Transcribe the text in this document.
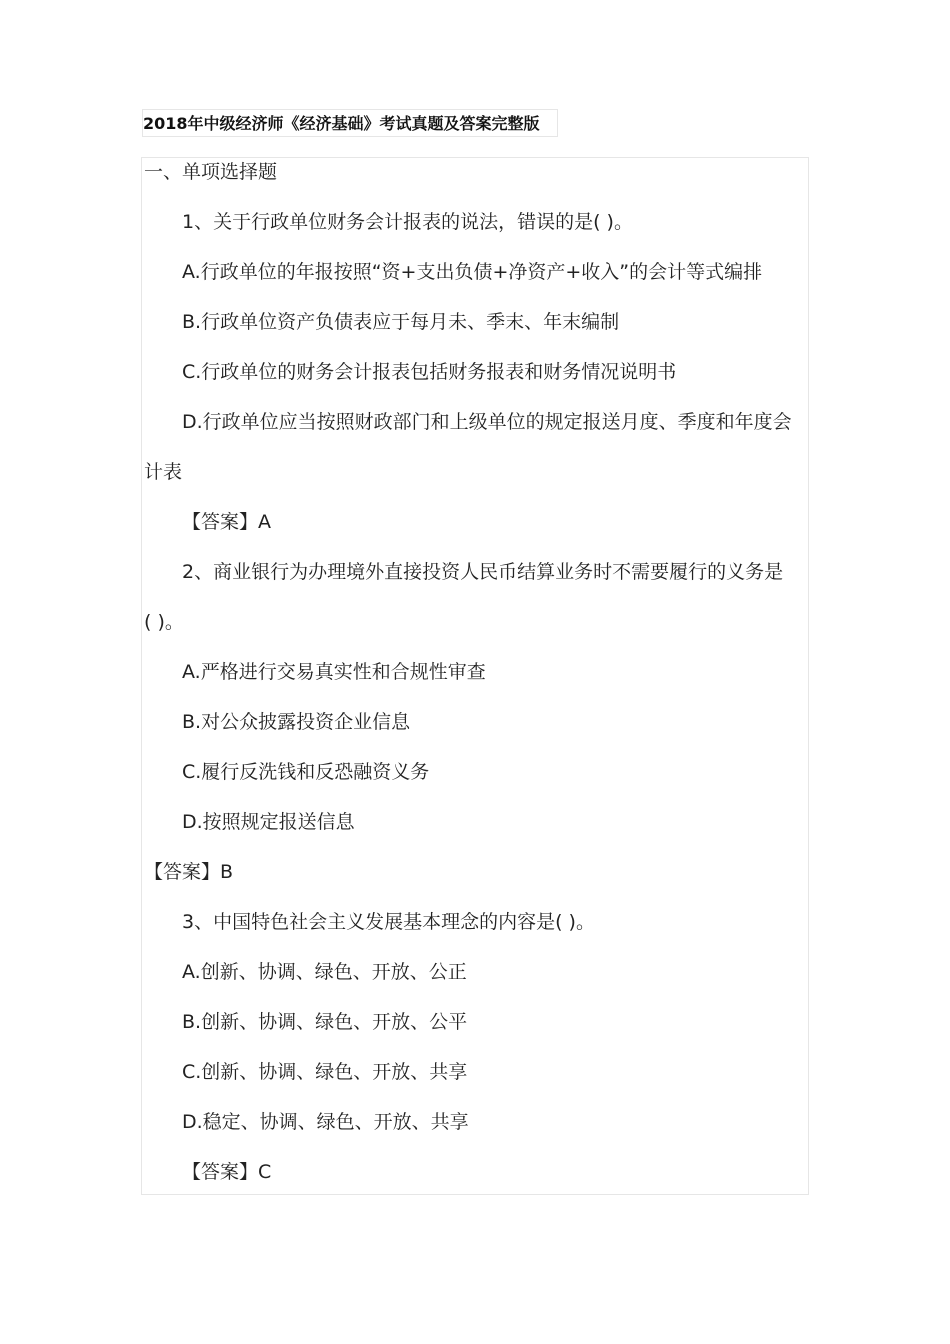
2018年中级经济师《经济基础》考试真题及答案完整版
一、单项选择题
1、关于行政单位财务会计报表的说法，错误的是( )。
A.行政单位的年报按照“资+支出负债+净资产+收入”的会计等式编排
B.行政单位资产负债表应于每月未、季末、年末编制
C.行政单位的财务会计报表包括财务报表和财务情况说明书
D.行政单位应当按照财政部门和上级单位的规定报送月度、季度和年度会
计表
【答案】A
2、商业银行为办理境外直接投资人民币结算业务时不需要履行的义务是
( )。
A.严格进行交易真实性和合规性审查
B.对公众披露投资企业信息
C.履行反洗钱和反恐融资义务
D.按照规定报送信息
【答案】B
3、中国特色社会主义发展基本理念的内容是( )。
A.创新、协调、绿色、开放、公正
B.创新、协调、绿色、开放、公平
C.创新、协调、绿色、开放、共享
D.稳定、协调、绿色、开放、共享
【答案】C
